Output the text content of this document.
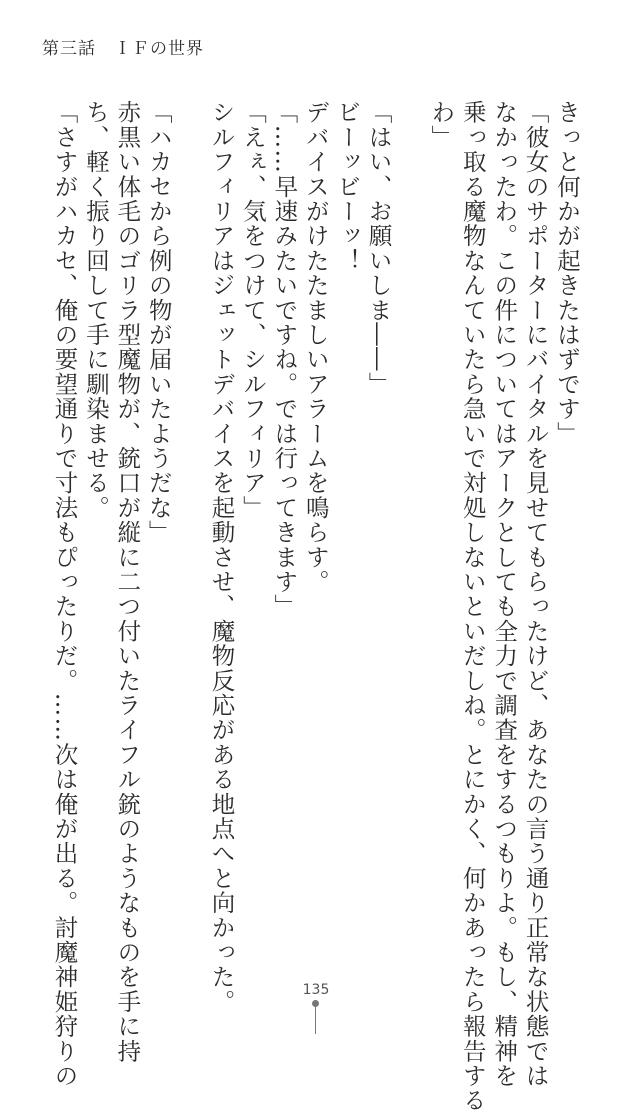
第三話　ＩＦの世界

きっと何かが起きたはずです」

「彼女のサポーターにバイタルを見せてもらったけど、あなたの言う通り正常な状態では

なかったわ。この件についてはアークとしても全力で調査をするつもりよ。もし、精神を

乗っ取る魔物なんていたら急いで対処しないといだしね。とにかく、何かあったら報告する

わ」

「はい、お願いしま――」

ビーッビーッ！

デバイスがけたたましいアラームを鳴らす。

「……早速みたいですね。では行ってきます」

「えぇ、気をつけて、シルフィリア」

シルフィリアはジェットデバイスを起動させ、魔物反応がある地点へと向かった。

「ハカセから例の物が届いたようだな」

赤黒い体毛のゴリラ型魔物が、銃口が縦に二つ付いたライフル銃のようなものを手に持

ち、軽く振り回して手に馴染ませる。

「さすがハカセ、俺の要望通りで寸法もぴったりだ。……次は俺が出る。討魔神姫狩りの	135
